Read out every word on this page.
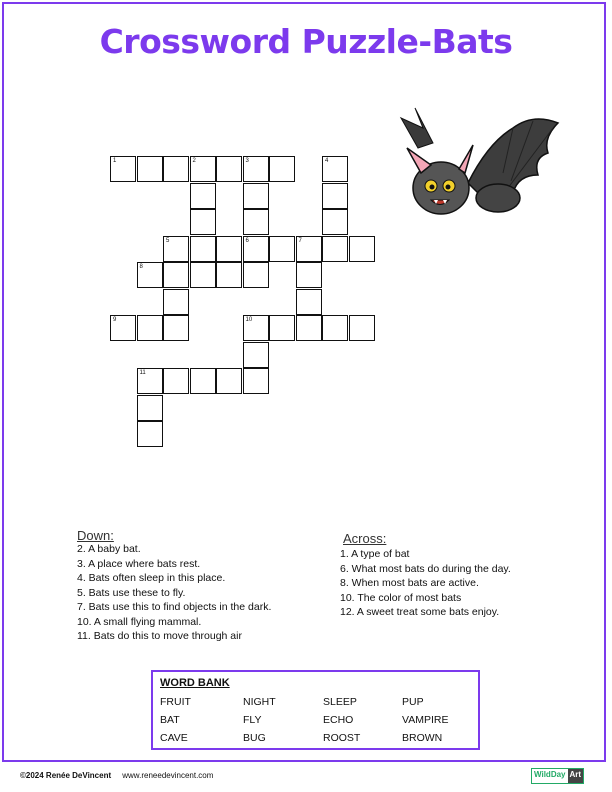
Crossword Puzzle-Bats
1	2	3	4
5	6	7
8
9	10
11
Down:
2. A baby bat.
3. A place where bats rest.
4. Bats often sleep in this place.
5. Bats use these to fly.
7. Bats use this to find objects in the dark.
10. A small flying mammal.
11. Bats do this to move through air
Across:
1. A type of bat
6. What most bats do during the day.
8. When most bats are active.
10. The color of most bats
12. A sweet treat some bats enjoy.
WORD BANK
FRUIT	NIGHT	SLEEP	PUP
BAT	FLY	ECHO	VAMPIRE
CAVE	BUG	ROOST	BROWN
©2024 Renée DeVincent www.reneedevincent.com	WildDay Art
